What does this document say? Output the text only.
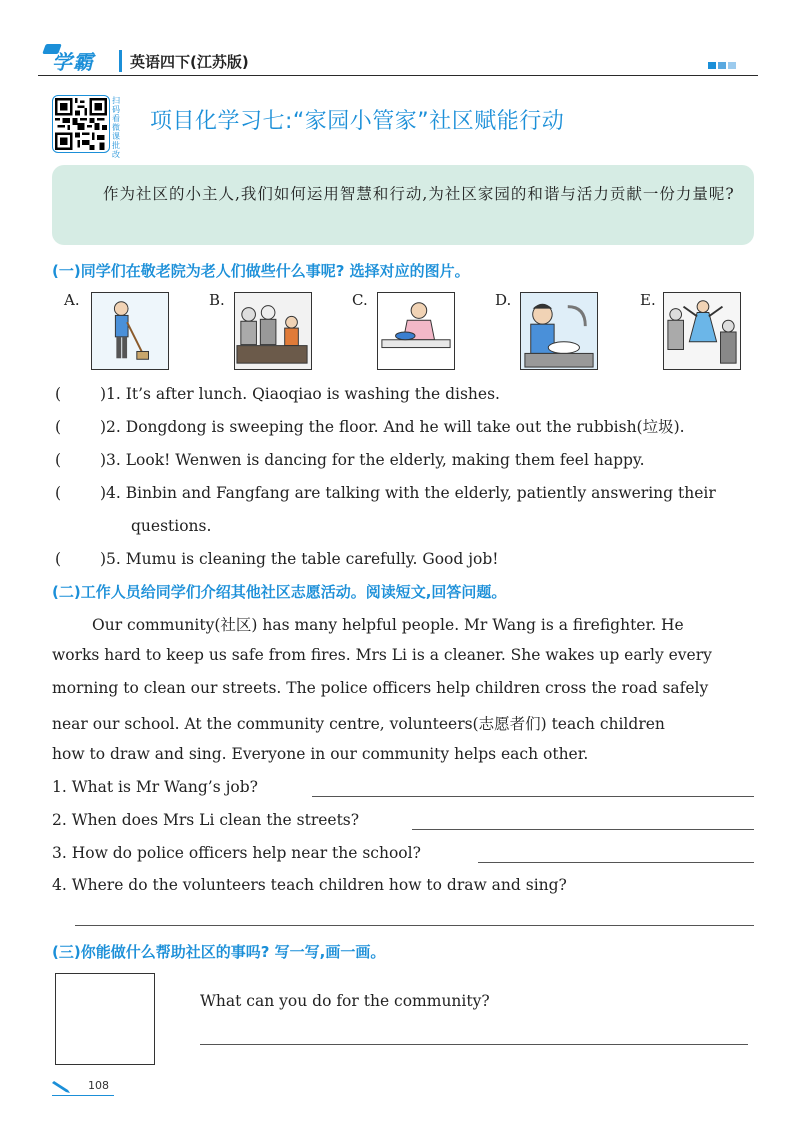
学霸 英语四下(江苏版)
扫码看微课批改
项目化学习七:“家园小管家”社区赋能行动

作为社区的小主人,我们如何运用智慧和行动,为社区家园的和谐与活力贡献一份力量呢?

(一)同学们在敬老院为老人们做些什么事呢? 选择对应的图片。
A.	B.	C.	D.	E.
(	)1. It’s after lunch. Qiaoqiao is washing the dishes.
(	)2. Dongdong is sweeping the floor. And he will take out the rubbish(垃圾).
(	)3. Look! Wenwen is dancing for the elderly, making them feel happy.
(	)4. Binbin and Fangfang are talking with the elderly, patiently answering their
questions.
(	)5. Mumu is cleaning the table carefully. Good job!
(二)工作人员给同学们介绍其他社区志愿活动。阅读短文,回答问题。
Our community(社区) has many helpful people. Mr Wang is a firefighter. He
works hard to keep us safe from fires. Mrs Li is a cleaner. She wakes up early every
morning to clean our streets. The police officers help children cross the road safely
near our school. At the community centre, volunteers(志愿者们) teach children
how to draw and sing. Everyone in our community helps each other.
1. What is Mr Wang’s job?
2. When does Mrs Li clean the streets?
3. How do police officers help near the school?
4. Where do the volunteers teach children how to draw and sing?
(三)你能做什么帮助社区的事吗? 写一写,画一画。
What can you do for the community?
108
